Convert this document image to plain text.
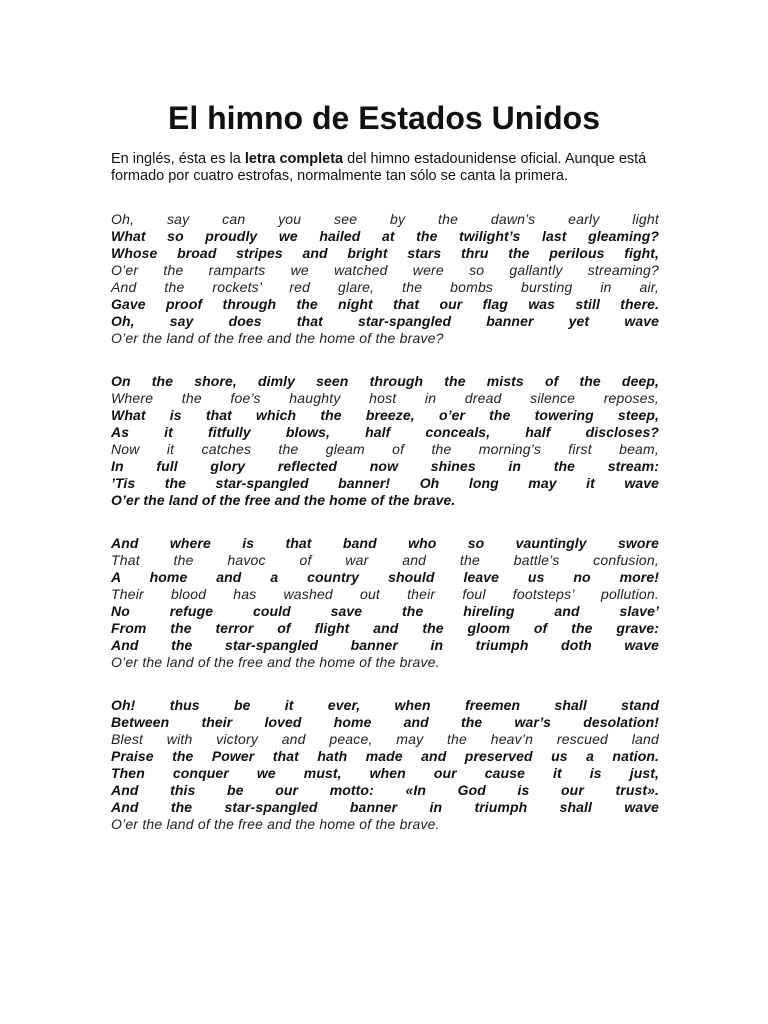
El himno de Estados Unidos

En inglés, ésta es la letra completa del himno estadounidense oficial. Aunque está formado por cuatro estrofas, normalmente tan sólo se canta la primera.

Oh, say can you see by the dawn’s early light
What so proudly we hailed at the twilight’s last gleaming?
Whose broad stripes and bright stars thru the perilous fight,
O’er the ramparts we watched were so gallantly streaming?
And the rockets’ red glare, the bombs bursting in air,
Gave proof through the night that our flag was still there.
Oh, say does that star-spangled banner yet wave
O’er the land of the free and the home of the brave?
On the shore, dimly seen through the mists of the deep,
Where the foe’s haughty host in dread silence reposes,
What is that which the breeze, o’er the towering steep,
As it fitfully blows, half conceals, half discloses?
Now it catches the gleam of the morning’s first beam,
In full glory reflected now shines in the stream:
’Tis the star-spangled banner! Oh long may it wave
O’er the land of the free and the home of the brave.
And where is that band who so vauntingly swore
That the havoc of war and the battle’s confusion,
A home and a country should leave us no more!
Their blood has washed out their foul footsteps’ pollution.
No refuge could save the hireling and slave’
From the terror of flight and the gloom of the grave:
And the star-spangled banner in triumph doth wave
O’er the land of the free and the home of the brave.
Oh! thus be it ever, when freemen shall stand
Between their loved home and the war’s desolation!
Blest with victory and peace, may the heav’n rescued land
Praise the Power that hath made and preserved us a nation.
Then conquer we must, when our cause it is just,
And this be our motto: «In God is our trust».
And the star-spangled banner in triumph shall wave
O’er the land of the free and the home of the brave.
